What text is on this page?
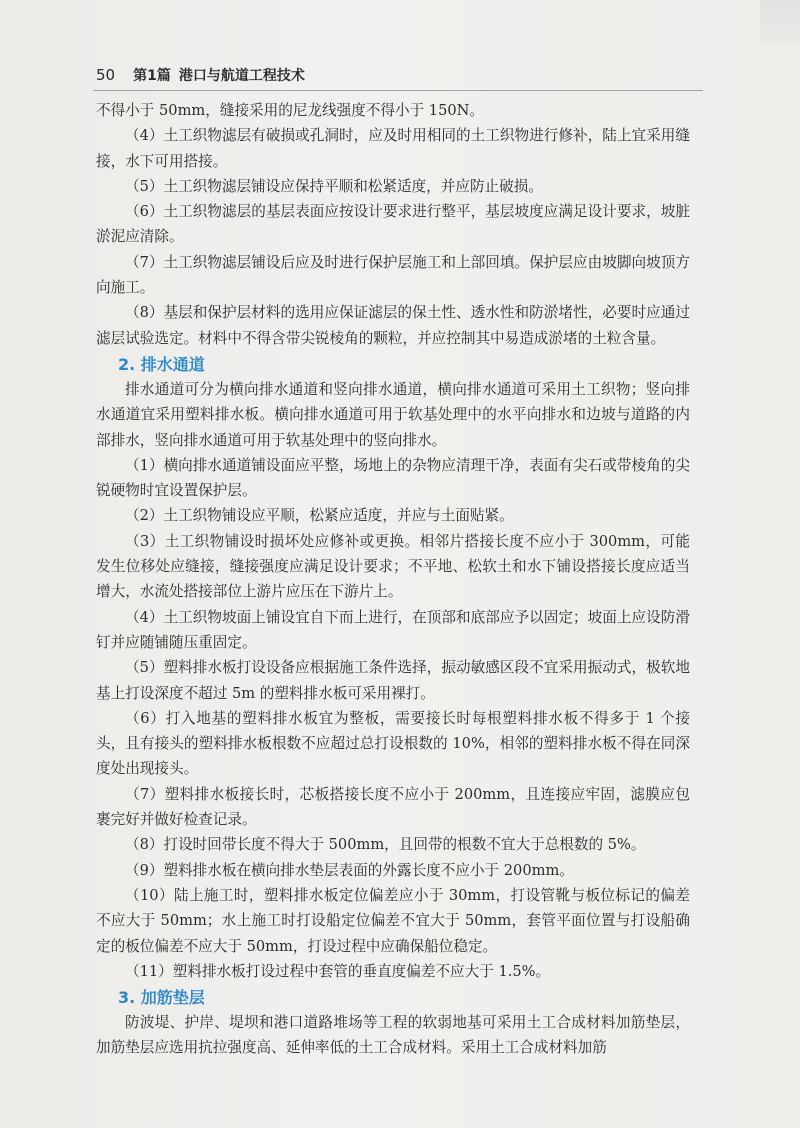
50 第1篇 港口与航道工程技术

不得小于 50mm，缝接采用的尼龙线强度不得小于 150N。

（4）土工织物滤层有破损或孔洞时，应及时用相同的土工织物进行修补，陆上宜采用缝接，水下可用搭接。

（5）土工织物滤层铺设应保持平顺和松紧适度，并应防止破损。

（6）土工织物滤层的基层表面应按设计要求进行整平，基层坡度应满足设计要求，坡脏淤泥应清除。

（7）土工织物滤层铺设后应及时进行保护层施工和上部回填。保护层应由坡脚向坡顶方向施工。

（8）基层和保护层材料的选用应保证滤层的保土性、透水性和防淤堵性，必要时应通过滤层试验选定。材料中不得含带尖锐棱角的颗粒，并应控制其中易造成淤堵的土粒含量。

2. 排水通道

排水通道可分为横向排水通道和竖向排水通道，横向排水通道可采用土工织物；竖向排水通道宜采用塑料排水板。横向排水通道可用于软基处理中的水平向排水和边坡与道路的内部排水，竖向排水通道可用于软基处理中的竖向排水。

（1）横向排水通道铺设面应平整，场地上的杂物应清理干净，表面有尖石或带棱角的尖锐硬物时宜设置保护层。

（2）土工织物铺设应平顺，松紧应适度，并应与土面贴紧。

（3）土工织物铺设时损坏处应修补或更换。相邻片搭接长度不应小于 300mm，可能发生位移处应缝接，缝接强度应满足设计要求；不平地、松软土和水下铺设搭接长度应适当增大，水流处搭接部位上游片应压在下游片上。

（4）土工织物坡面上铺设宜自下而上进行，在顶部和底部应予以固定；坡面上应设防滑钉并应随铺随压重固定。

（5）塑料排水板打设设备应根据施工条件选择，振动敏感区段不宜采用振动式，极软地基上打设深度不超过 5m 的塑料排水板可采用裸打。

（6）打入地基的塑料排水板宜为整板，需要接长时每根塑料排水板不得多于 1 个接头，且有接头的塑料排水板根数不应超过总打设根数的 10%，相邻的塑料排水板不得在同深度处出现接头。

（7）塑料排水板接长时，芯板搭接长度不应小于 200mm，且连接应牢固，滤膜应包裹完好并做好检查记录。

（8）打设时回带长度不得大于 500mm，且回带的根数不宜大于总根数的 5%。

（9）塑料排水板在横向排水垫层表面的外露长度不应小于 200mm。

（10）陆上施工时，塑料排水板定位偏差应小于 30mm，打设管靴与板位标记的偏差不应大于 50mm；水上施工时打设船定位偏差不宜大于 50mm，套管平面位置与打设船确定的板位偏差不应大于 50mm，打设过程中应确保船位稳定。

（11）塑料排水板打设过程中套管的垂直度偏差不应大于 1.5%。

3. 加筋垫层

防波堤、护岸、堤坝和港口道路堆场等工程的软弱地基可采用土工合成材料加筋垫层，加筋垫层应选用抗拉强度高、延伸率低的土工合成材料。采用土工合成材料加筋
